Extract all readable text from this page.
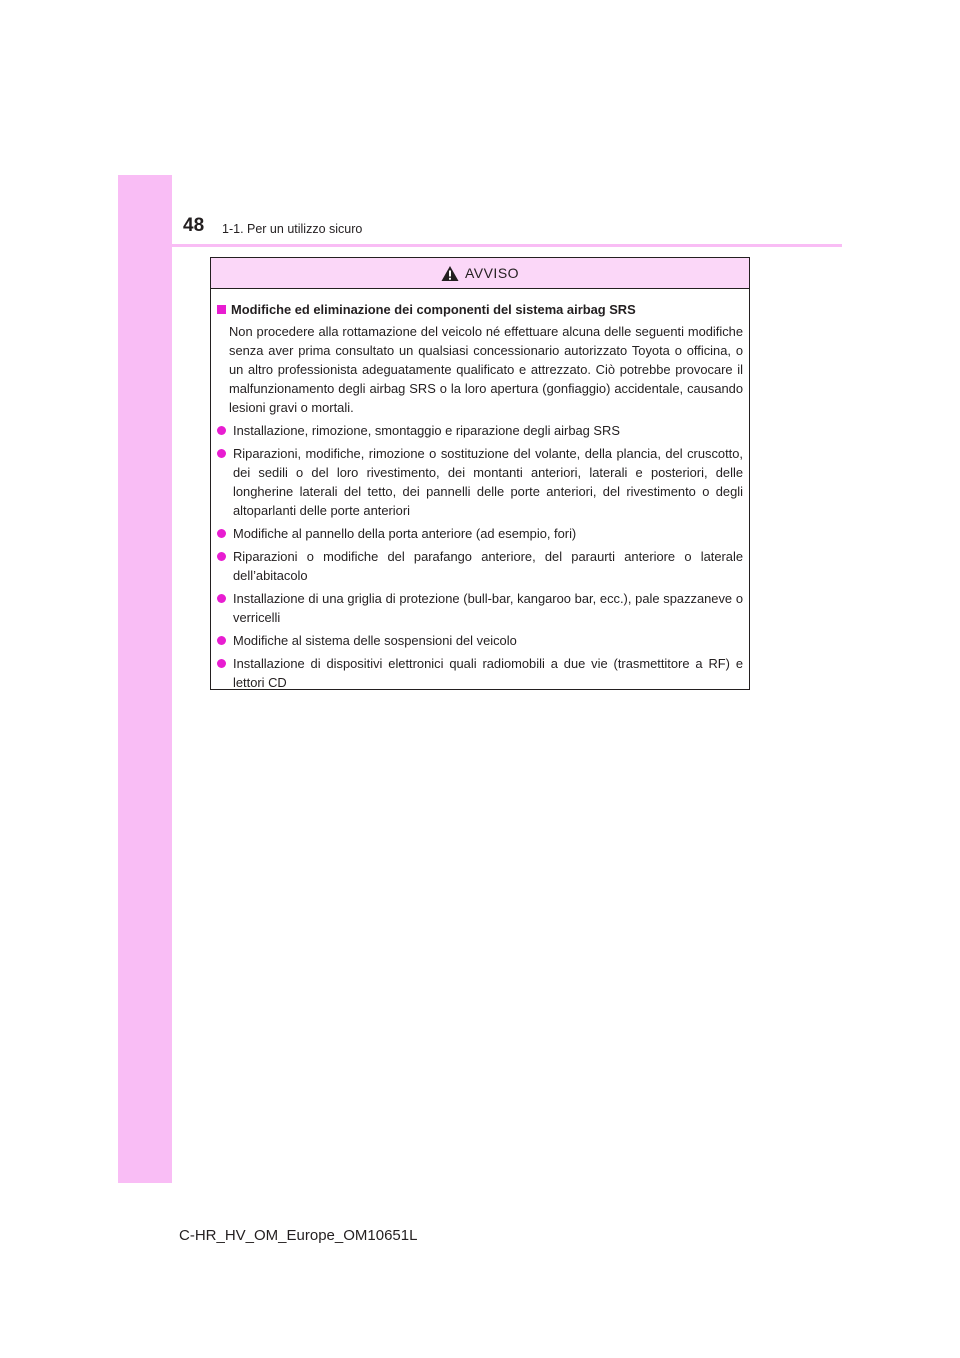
48 1-1. Per un utilizzo sicuro
AVVISO
Modifiche ed eliminazione dei componenti del sistema airbag SRS
Non procedere alla rottamazione del veicolo né effettuare alcuna delle seguenti modifiche senza aver prima consultato un qualsiasi concessionario autorizzato Toyota o officina, o un altro professionista adeguatamente qualificato e attrezzato. Ciò potrebbe provocare il malfunzionamento degli airbag SRS o la loro apertura (gonfiaggio) accidentale, causando lesioni gravi o mortali.
Installazione, rimozione, smontaggio e riparazione degli airbag SRS
Riparazioni, modifiche, rimozione o sostituzione del volante, della plancia, del cruscotto, dei sedili o del loro rivestimento, dei montanti anteriori, laterali e posteriori, delle longherine laterali del tetto, dei pannelli delle porte anteriori, del rivestimento o degli altoparlanti delle porte anteriori
Modifiche al pannello della porta anteriore (ad esempio, fori)
Riparazioni o modifiche del parafango anteriore, del paraurti anteriore o laterale dell’abitacolo
Installazione di una griglia di protezione (bull-bar, kangaroo bar, ecc.), pale spazzaneve o verricelli
Modifiche al sistema delle sospensioni del veicolo
Installazione di dispositivi elettronici quali radiomobili a due vie (trasmettitore a RF) e lettori CD
C-HR_HV_OM_Europe_OM10651L
